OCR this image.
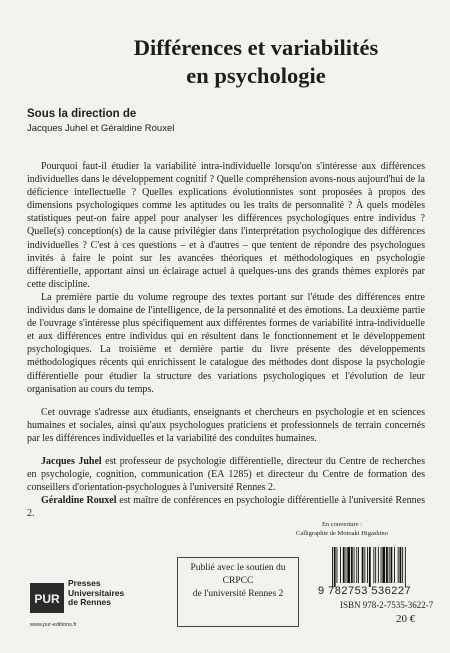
Différences et variabilités
en psychologie
Sous la direction de
Jacques Juhel et Géraldine Rouxel

Pourquoi faut-il étudier la variabilité intra-individuelle lorsqu'on s'intéresse aux différences individuelles dans le développement cognitif ? Quelle compréhension avons-nous aujourd'hui de la déficience intellectuelle ? Quelles explications évolutionnistes sont proposées à propos des dimensions psychologiques comme les aptitudes ou les traits de personnalité ? À quels modèles statistiques peut-on faire appel pour analyser les différences psychologiques entre individus ? Quelle(s) conception(s) de la cause privilégier dans l'interprétation psychologique des différences individuelles ? C'est à ces questions – et à d'autres – que tentent de répondre des psychologues invités à faire le point sur les avancées théoriques et méthodologiques en psychologie différentielle, apportant ainsi un éclairage actuel à quelques-uns des grands thèmes explorés par cette discipline.

La première partie du volume regroupe des textes portant sur l'étude des différences entre individus dans le domaine de l'intelligence, de la personnalité et des émotions. La deuxième partie de l'ouvrage s'intéresse plus spécifiquement aux différentes formes de variabilité intra-individuelle et aux différences entre individus qui en résultent dans le fonctionnement et le développement psychologiques. La troisième et dernière partie du livre présente des développements méthodologiques récents qui enrichissent le catalogue des méthodes dont dispose la psychologie différentielle pour étudier la structure des variations psychologiques et l'évolution de leur organisation au cours du temps.

Cet ouvrage s'adresse aux étudiants, enseignants et chercheurs en psychologie et en sciences humaines et sociales, ainsi qu'aux psychologues praticiens et professionnels de terrain concernés par les différences individuelles et la variabilité des conduites humaines.

Jacques Juhel est professeur de psychologie différentielle, directeur du Centre de recherches en psychologie, cognition, communication (EA 1285) et directeur du Centre de formation des conseillers d'orientation-psychologues à l'université Rennes 2.

Géraldine Rouxel est maître de conférences en psychologie différentielle à l'université Rennes 2.

En couverture :
Calligraphie de Motoaki Higashino
PUR
Presses
Universitaires
de Rennes
www.pur-editions.fr
Publié avec le soutien du
CRPCC
de l'université Rennes 2	9 782753 536227
ISBN 978-2-7535-3622-7
20 €
